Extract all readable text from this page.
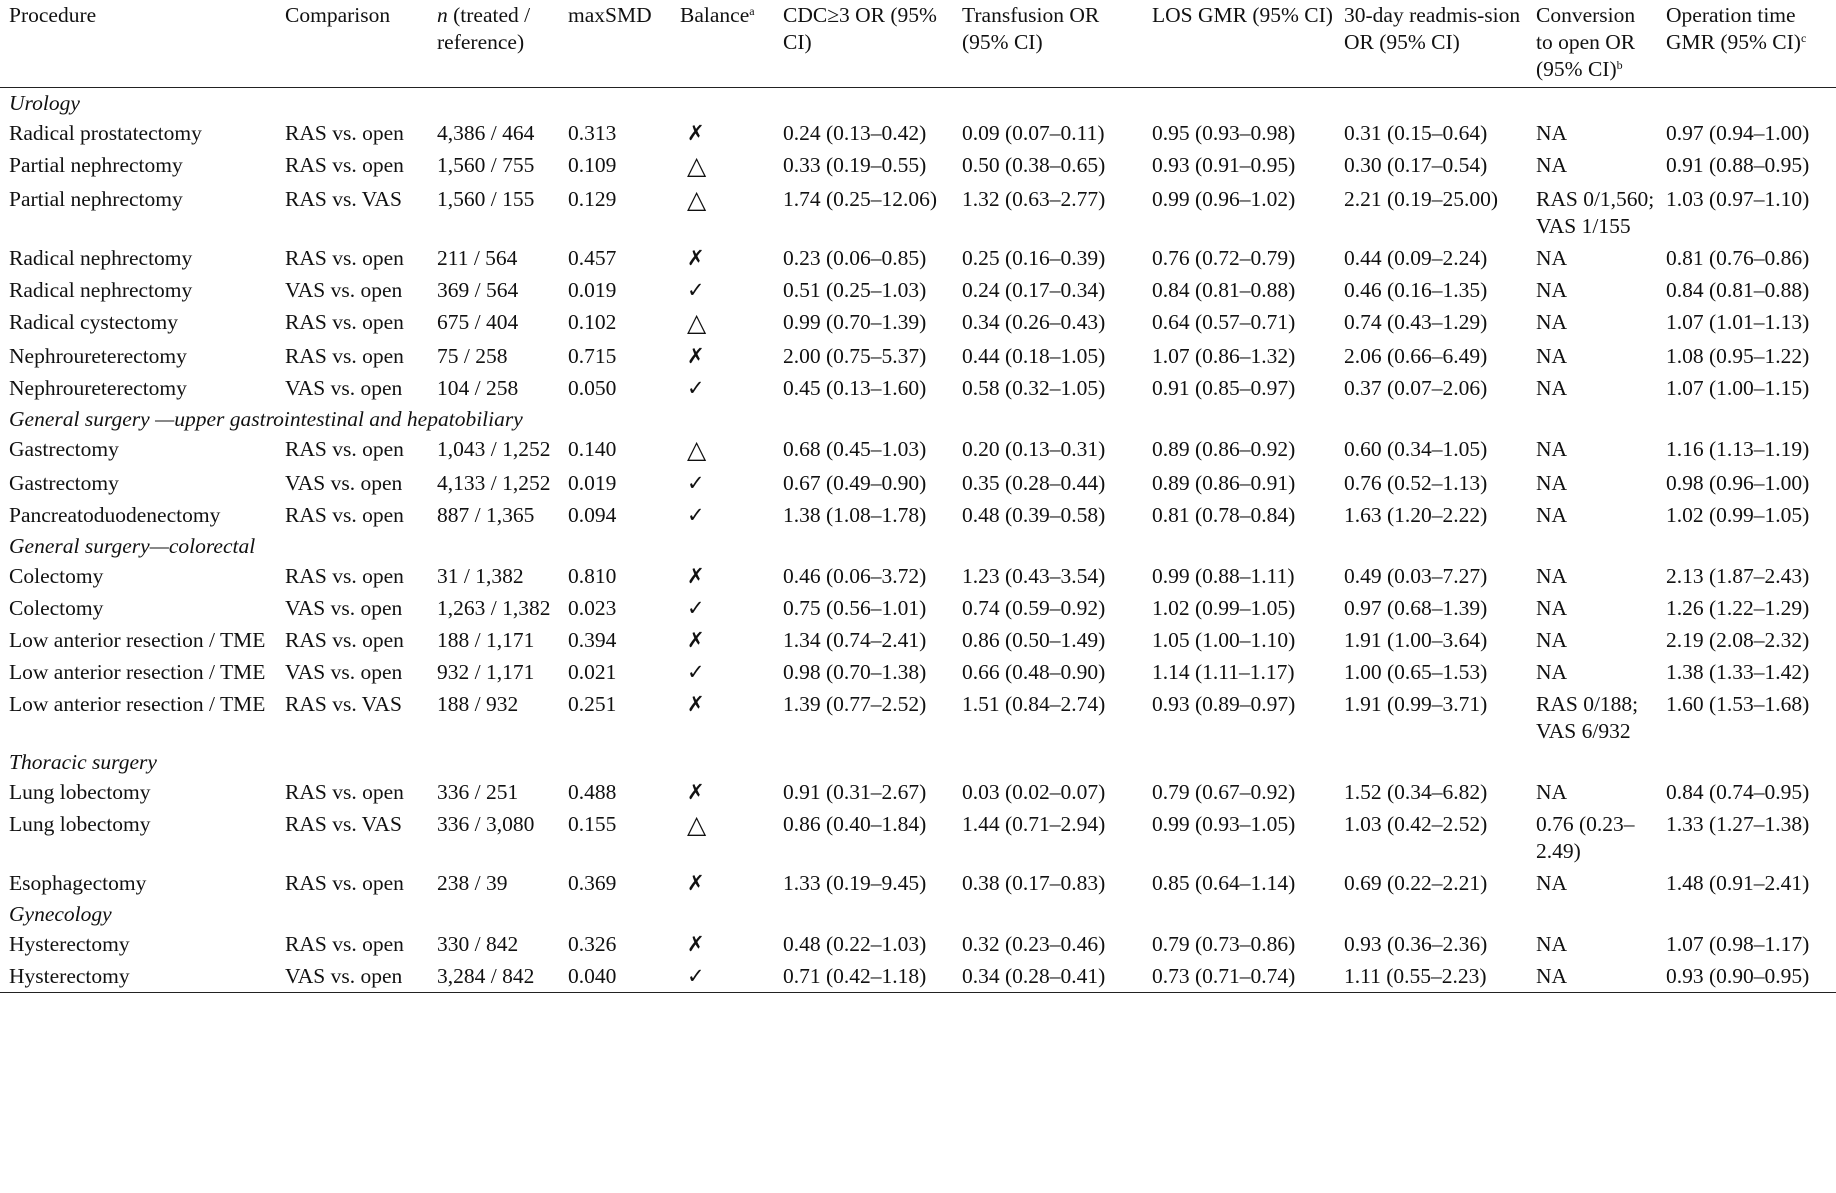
Procedure	Comparison	n (treated / reference)	maxSMD	Balance$^a$	CDC≥3 OR (95% CI)	Transfusion OR (95% CI)	LOS GMR (95% CI)	30-day readmis-sion OR (95% CI)	Conversion to open OR (95% CI)$^b$	Operation time GMR (95% CI)$^c$
Urology										
Radical prostatectomy	RAS vs. open	4,386 / 464	0.313	✗	0.24 (0.13–0.42)	0.09 (0.07–0.11)	0.95 (0.93–0.98)	0.31 (0.15–0.64)	NA	0.97 (0.94–1.00)
Partial nephrectomy	RAS vs. open	1,560 / 755	0.109	△	0.33 (0.19–0.55)	0.50 (0.38–0.65)	0.93 (0.91–0.95)	0.30 (0.17–0.54)	NA	0.91 (0.88–0.95)
Partial nephrectomy	RAS vs. VAS	1,560 / 155	0.129	△	1.74 (0.25–12.06)	1.32 (0.63–2.77)	0.99 (0.96–1.02)	2.21 (0.19–25.00)	RAS 0/1,560; VAS 1/155	1.03 (0.97–1.10)
Radical nephrectomy	RAS vs. open	211 / 564	0.457	✗	0.23 (0.06–0.85)	0.25 (0.16–0.39)	0.76 (0.72–0.79)	0.44 (0.09–2.24)	NA	0.81 (0.76–0.86)
Radical nephrectomy	VAS vs. open	369 / 564	0.019	✓	0.51 (0.25–1.03)	0.24 (0.17–0.34)	0.84 (0.81–0.88)	0.46 (0.16–1.35)	NA	0.84 (0.81–0.88)
Radical cystectomy	RAS vs. open	675 / 404	0.102	△	0.99 (0.70–1.39)	0.34 (0.26–0.43)	0.64 (0.57–0.71)	0.74 (0.43–1.29)	NA	1.07 (1.01–1.13)
Nephroureterectomy	RAS vs. open	75 / 258	0.715	✗	2.00 (0.75–5.37)	0.44 (0.18–1.05)	1.07 (0.86–1.32)	2.06 (0.66–6.49)	NA	1.08 (0.95–1.22)
Nephroureterectomy	VAS vs. open	104 / 258	0.050	✓	0.45 (0.13–1.60)	0.58 (0.32–1.05)	0.91 (0.85–0.97)	0.37 (0.07–2.06)	NA	1.07 (1.00–1.15)
General surgery —upper gastrointestinal and hepatobiliary										
Gastrectomy	RAS vs. open	1,043 / 1,252	0.140	△	0.68 (0.45–1.03)	0.20 (0.13–0.31)	0.89 (0.86–0.92)	0.60 (0.34–1.05)	NA	1.16 (1.13–1.19)
Gastrectomy	VAS vs. open	4,133 / 1,252	0.019	✓	0.67 (0.49–0.90)	0.35 (0.28–0.44)	0.89 (0.86–0.91)	0.76 (0.52–1.13)	NA	0.98 (0.96–1.00)
Pancreatoduodenectomy	RAS vs. open	887 / 1,365	0.094	✓	1.38 (1.08–1.78)	0.48 (0.39–0.58)	0.81 (0.78–0.84)	1.63 (1.20–2.22)	NA	1.02 (0.99–1.05)
General surgery—colorectal										
Colectomy	RAS vs. open	31 / 1,382	0.810	✗	0.46 (0.06–3.72)	1.23 (0.43–3.54)	0.99 (0.88–1.11)	0.49 (0.03–7.27)	NA	2.13 (1.87–2.43)
Colectomy	VAS vs. open	1,263 / 1,382	0.023	✓	0.75 (0.56–1.01)	0.74 (0.59–0.92)	1.02 (0.99–1.05)	0.97 (0.68–1.39)	NA	1.26 (1.22–1.29)
Low anterior resection / TME	RAS vs. open	188 / 1,171	0.394	✗	1.34 (0.74–2.41)	0.86 (0.50–1.49)	1.05 (1.00–1.10)	1.91 (1.00–3.64)	NA	2.19 (2.08–2.32)
Low anterior resection / TME	VAS vs. open	932 / 1,171	0.021	✓	0.98 (0.70–1.38)	0.66 (0.48–0.90)	1.14 (1.11–1.17)	1.00 (0.65–1.53)	NA	1.38 (1.33–1.42)
Low anterior resection / TME	RAS vs. VAS	188 / 932	0.251	✗	1.39 (0.77–2.52)	1.51 (0.84–2.74)	0.93 (0.89–0.97)	1.91 (0.99–3.71)	RAS 0/188; VAS 6/932	1.60 (1.53–1.68)
Thoracic surgery										
Lung lobectomy	RAS vs. open	336 / 251	0.488	✗	0.91 (0.31–2.67)	0.03 (0.02–0.07)	0.79 (0.67–0.92)	1.52 (0.34–6.82)	NA	0.84 (0.74–0.95)
Lung lobectomy	RAS vs. VAS	336 / 3,080	0.155	△	0.86 (0.40–1.84)	1.44 (0.71–2.94)	0.99 (0.93–1.05)	1.03 (0.42–2.52)	0.76 (0.23–2.49)	1.33 (1.27–1.38)
Esophagectomy	RAS vs. open	238 / 39	0.369	✗	1.33 (0.19–9.45)	0.38 (0.17–0.83)	0.85 (0.64–1.14)	0.69 (0.22–2.21)	NA	1.48 (0.91–2.41)
Gynecology										
Hysterectomy	RAS vs. open	330 / 842	0.326	✗	0.48 (0.22–1.03)	0.32 (0.23–0.46)	0.79 (0.73–0.86)	0.93 (0.36–2.36)	NA	1.07 (0.98–1.17)
Hysterectomy	VAS vs. open	3,284 / 842	0.040	✓	0.71 (0.42–1.18)	0.34 (0.28–0.41)	0.73 (0.71–0.74)	1.11 (0.55–2.23)	NA	0.93 (0.90–0.95)
